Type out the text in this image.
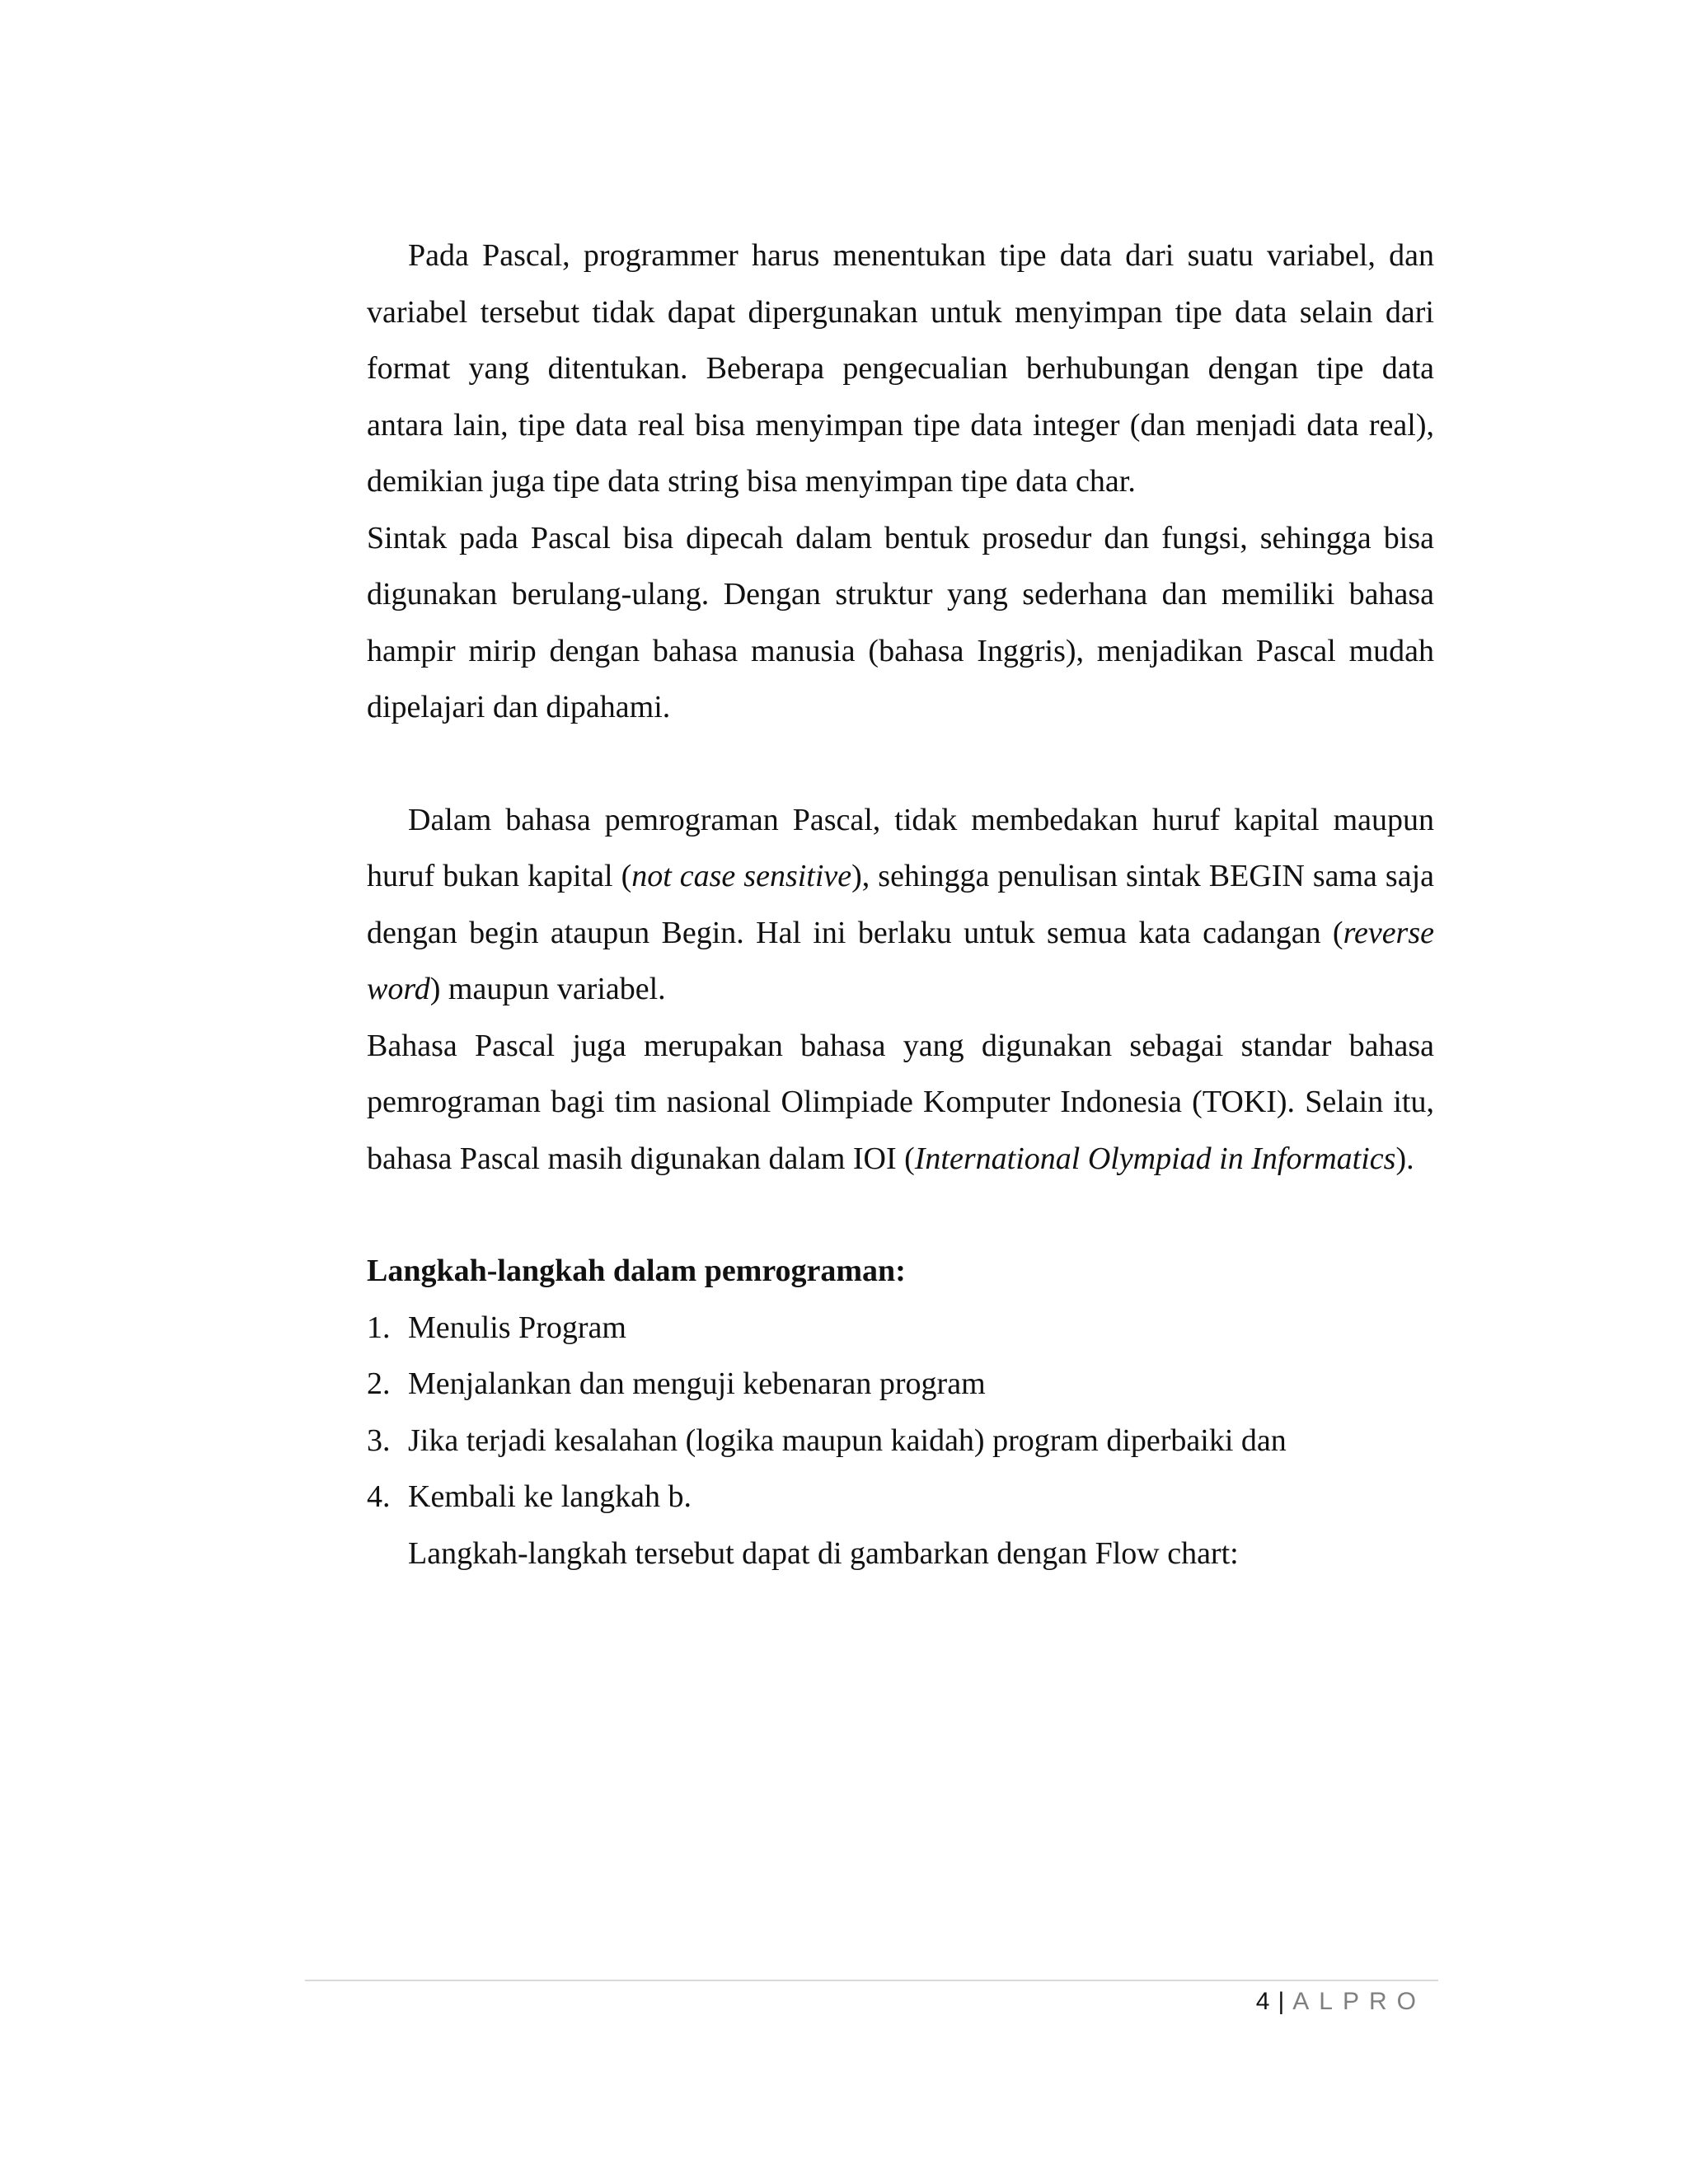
Pada Pascal, programmer harus menentukan tipe data dari suatu variabel, dan variabel tersebut tidak dapat dipergunakan untuk menyimpan tipe data selain dari format yang ditentukan. Beberapa pengecualian berhubungan dengan tipe data antara lain, tipe data real bisa menyimpan tipe data integer (dan menjadi data real), demikian juga tipe data string bisa menyimpan tipe data char.

Sintak pada Pascal bisa dipecah dalam bentuk prosedur dan fungsi, sehingga bisa digunakan berulang-ulang. Dengan struktur yang sederhana dan memiliki bahasa hampir mirip dengan bahasa manusia (bahasa Inggris), menjadikan Pascal mudah dipelajari dan dipahami.

Dalam bahasa pemrograman Pascal, tidak membedakan huruf kapital maupun huruf bukan kapital (not case sensitive), sehingga penulisan sintak BEGIN sama saja dengan begin ataupun Begin. Hal ini berlaku untuk semua kata cadangan (reverse word) maupun variabel.

Bahasa Pascal juga merupakan bahasa yang digunakan sebagai standar bahasa pemrograman bagi tim nasional Olimpiade Komputer Indonesia (TOKI). Selain itu, bahasa Pascal masih digunakan dalam IOI (International Olympiad in Informatics).

Langkah-langkah dalam pemrograman:

1. Menulis Program
2. Menjalankan dan menguji kebenaran program
3. Jika terjadi kesalahan (logika maupun kaidah) program diperbaiki dan
4. Kembali ke langkah b.

Langkah-langkah tersebut dapat di gambarkan dengan Flow chart:

4 | ALPRO
